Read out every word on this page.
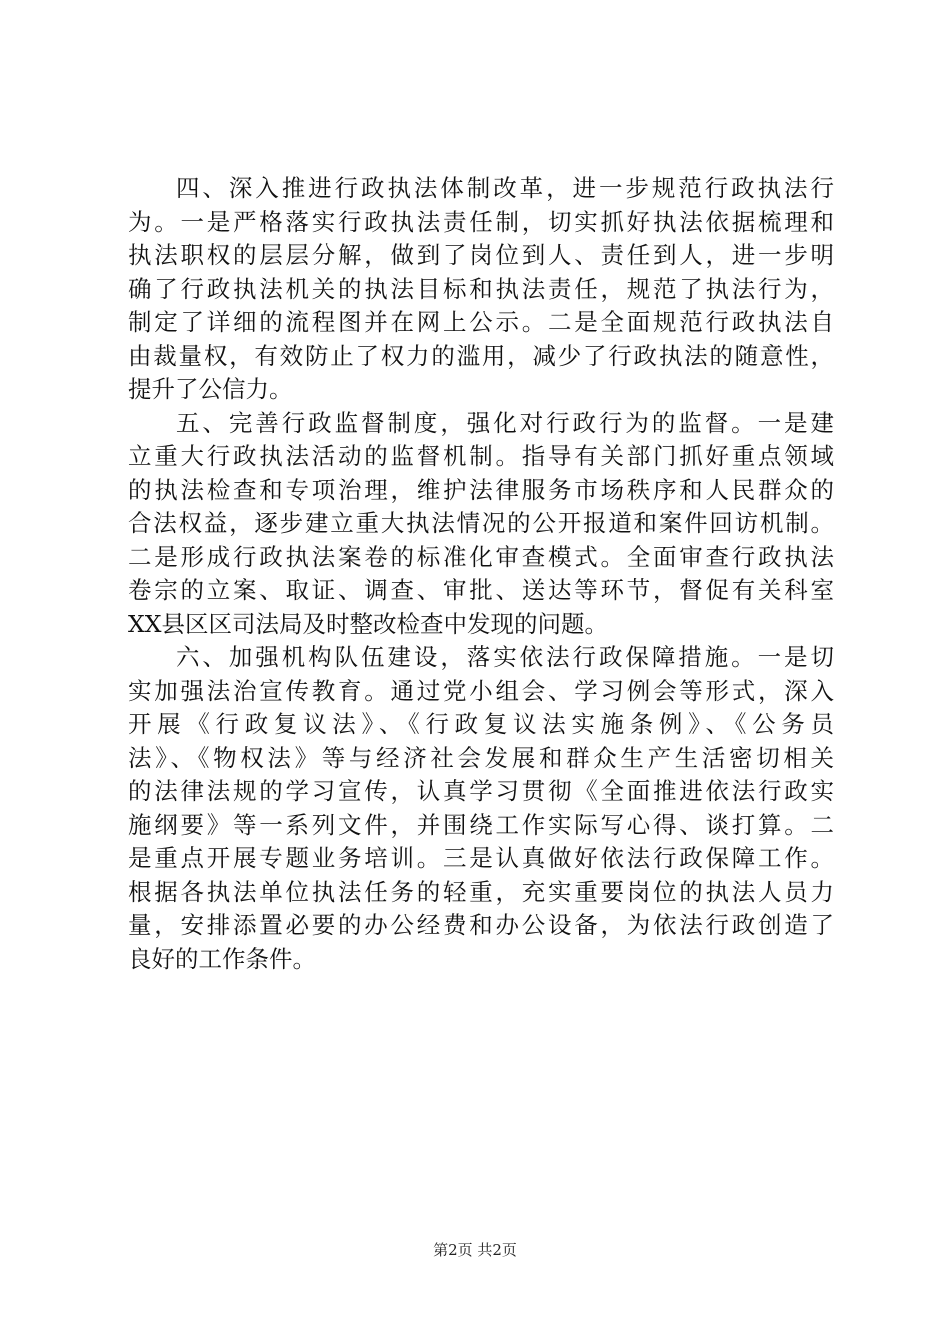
四、深入推进行政执法体制改革，进一步规范行政执法行
为。一是严格落实行政执法责任制，切实抓好执法依据梳理和
执法职权的层层分解，做到了岗位到人、责任到人，进一步明
确了行政执法机关的执法目标和执法责任，规范了执法行为，
制定了详细的流程图并在网上公示。二是全面规范行政执法自
由裁量权，有效防止了权力的滥用，减少了行政执法的随意性，
提升了公信力。
五、完善行政监督制度，强化对行政行为的监督。一是建
立重大行政执法活动的监督机制。指导有关部门抓好重点领域
的执法检查和专项治理，维护法律服务市场秩序和人民群众的
合法权益，逐步建立重大执法情况的公开报道和案件回访机制。
二是形成行政执法案卷的标准化审查模式。全面审查行政执法
卷宗的立案、取证、调查、审批、送达等环节，督促有关科室
XX县区区司法局及时整改检查中发现的问题。
六、加强机构队伍建设，落实依法行政保障措施。一是切
实加强法治宣传教育。通过党小组会、学习例会等形式，深入
开展《行政复议法》、《行政复议法实施条例》、《公务员
法》、《物权法》等与经济社会发展和群众生产生活密切相关
的法律法规的学习宣传，认真学习贯彻《全面推进依法行政实
施纲要》等一系列文件，并围绕工作实际写心得、谈打算。二
是重点开展专题业务培训。三是认真做好依法行政保障工作。
根据各执法单位执法任务的轻重，充实重要岗位的执法人员力
量，安排添置必要的办公经费和办公设备，为依法行政创造了
良好的工作条件。
第2页 共2页
